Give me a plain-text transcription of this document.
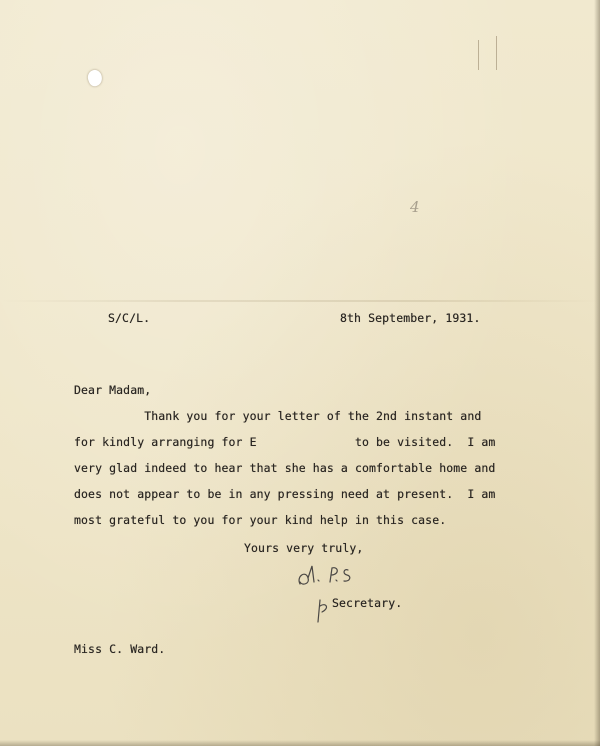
4
S/C/L.	8th September, 1931.
Dear Madam,
Thank you for your letter of the 2nd instant and
for kindly arranging for E              to be visited.  I am
very glad indeed to hear that she has a comfortable home and
does not appear to be in any pressing need at present.  I am
most grateful to you for your kind help in this case.
Yours very truly,
Secretary.
Miss C. Ward.
